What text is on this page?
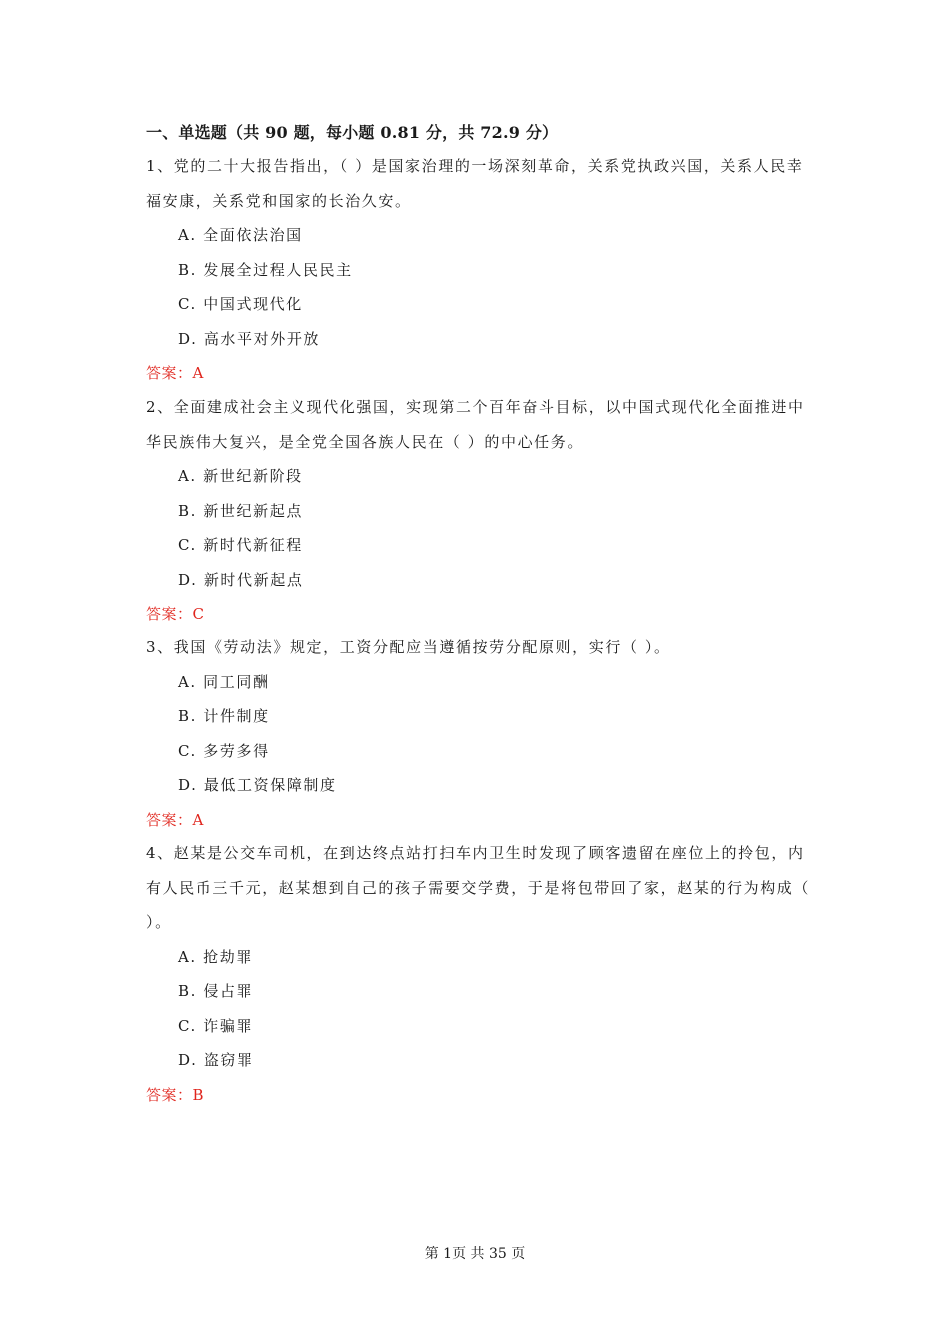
一、单选题（共 90 题，每小题 0.81 分，共 72.9 分）

1、党的二十大报告指出，（ ）是国家治理的一场深刻革命，关系党执政兴国，关系人民幸福安康，关系党和国家的长治久安。

A. 全面依法治国

B. 发展全过程人民民主

C. 中国式现代化

D. 高水平对外开放

答案：A

2、全面建成社会主义现代化强国，实现第二个百年奋斗目标，以中国式现代化全面推进中华民族伟大复兴，是全党全国各族人民在（ ）的中心任务。

A. 新世纪新阶段

B. 新世纪新起点

C. 新时代新征程

D. 新时代新起点

答案：C

3、我国《劳动法》规定，工资分配应当遵循按劳分配原则，实行（ ）。

A. 同工同酬

B. 计件制度

C. 多劳多得

D. 最低工资保障制度

答案：A

4、赵某是公交车司机，在到达终点站打扫车内卫生时发现了顾客遗留在座位上的拎包，内有人民币三千元，赵某想到自己的孩子需要交学费，于是将包带回了家，赵某的行为构成（ ）。

A. 抢劫罪

B. 侵占罪

C. 诈骗罪

D. 盗窃罪

答案：B

第 1页 共 35 页
